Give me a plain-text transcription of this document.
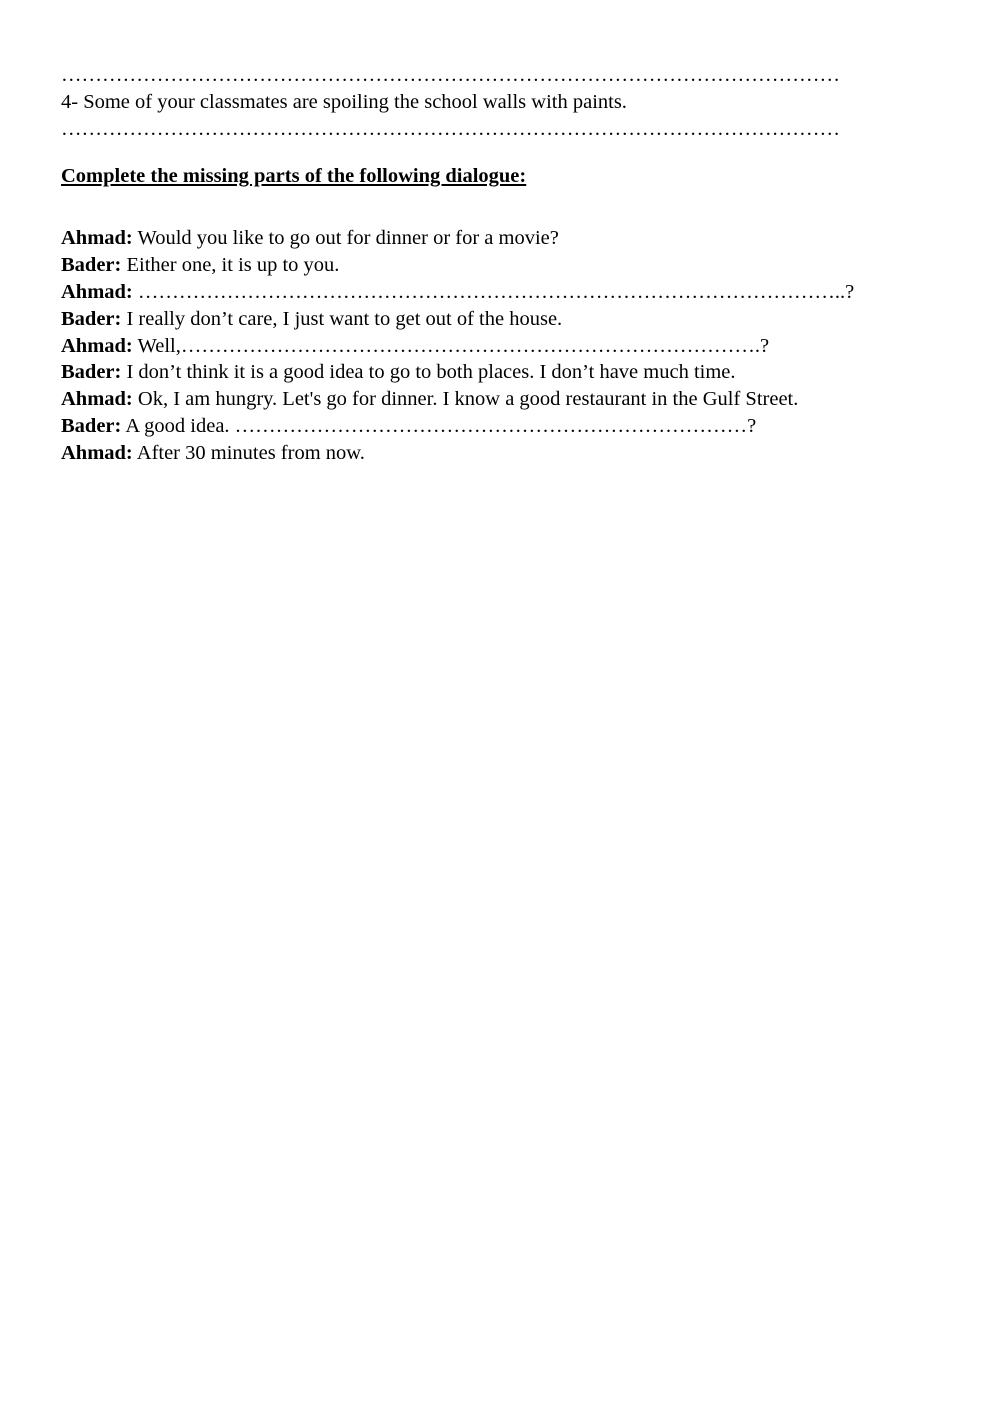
……………………………………………………………………………………………………
4- Some of your classmates are spoiling the school walls with paints.
……………………………………………………………………………………………………
Complete the missing parts of the following dialogue:
Ahmad: Would you like to go out for dinner or for a movie?
Bader: Either one, it is up to you.
Ahmad: …………………………………………………………………………………………..?
Bader: I really don’t care, I just want to get out of the house.
Ahmad: Well,………………………………………………………………………….?
Bader: I don’t think it is a good idea to go to both places. I don’t have much time.
Ahmad: Ok, I am hungry. Let's go for dinner. I know a good restaurant in the Gulf Street.
Bader: A good idea. …………………………………………………………………?
Ahmad: After 30 minutes from now.
